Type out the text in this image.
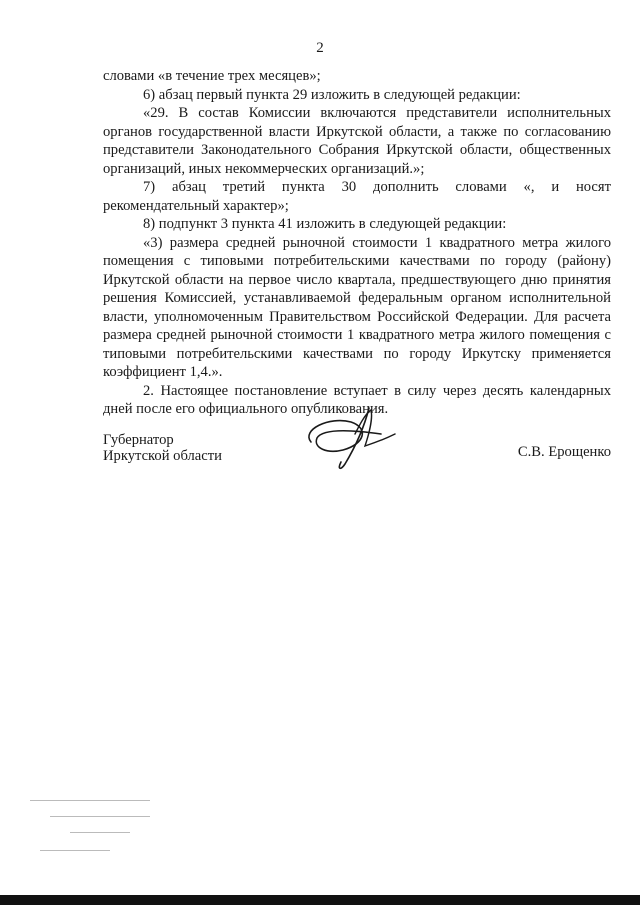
2

словами «в течение трех месяцев»;

6) абзац первый пункта 29 изложить в следующей редакции:

«29. В состав Комиссии включаются представители исполнительных органов государственной власти Иркутской области, а также по согласованию представители Законодательного Собрания Иркутской области, общественных организаций, иных некоммерческих организаций.»;

7) абзац третий пункта 30 дополнить словами «, и носят рекомендательный характер»;

8) подпункт 3 пункта 41 изложить в следующей редакции:

«3) размера средней рыночной стоимости 1 квадратного метра жилого помещения с типовыми потребительскими качествами по городу (району) Иркутской области на первое число квартала, предшествующего дню принятия решения Комиссией, устанавливаемой федеральным органом исполнительной власти, уполномоченным Правительством Российской Федерации. Для расчета размера средней рыночной стоимости 1 квадратного метра жилого помещения с типовыми потребительскими качествами по городу Иркутску применяется коэффициент 1,4.».

2. Настоящее постановление вступает в силу через десять календарных дней после его официального опубликования.

Губернатор
Иркутской области	С.В. Ерощенко
